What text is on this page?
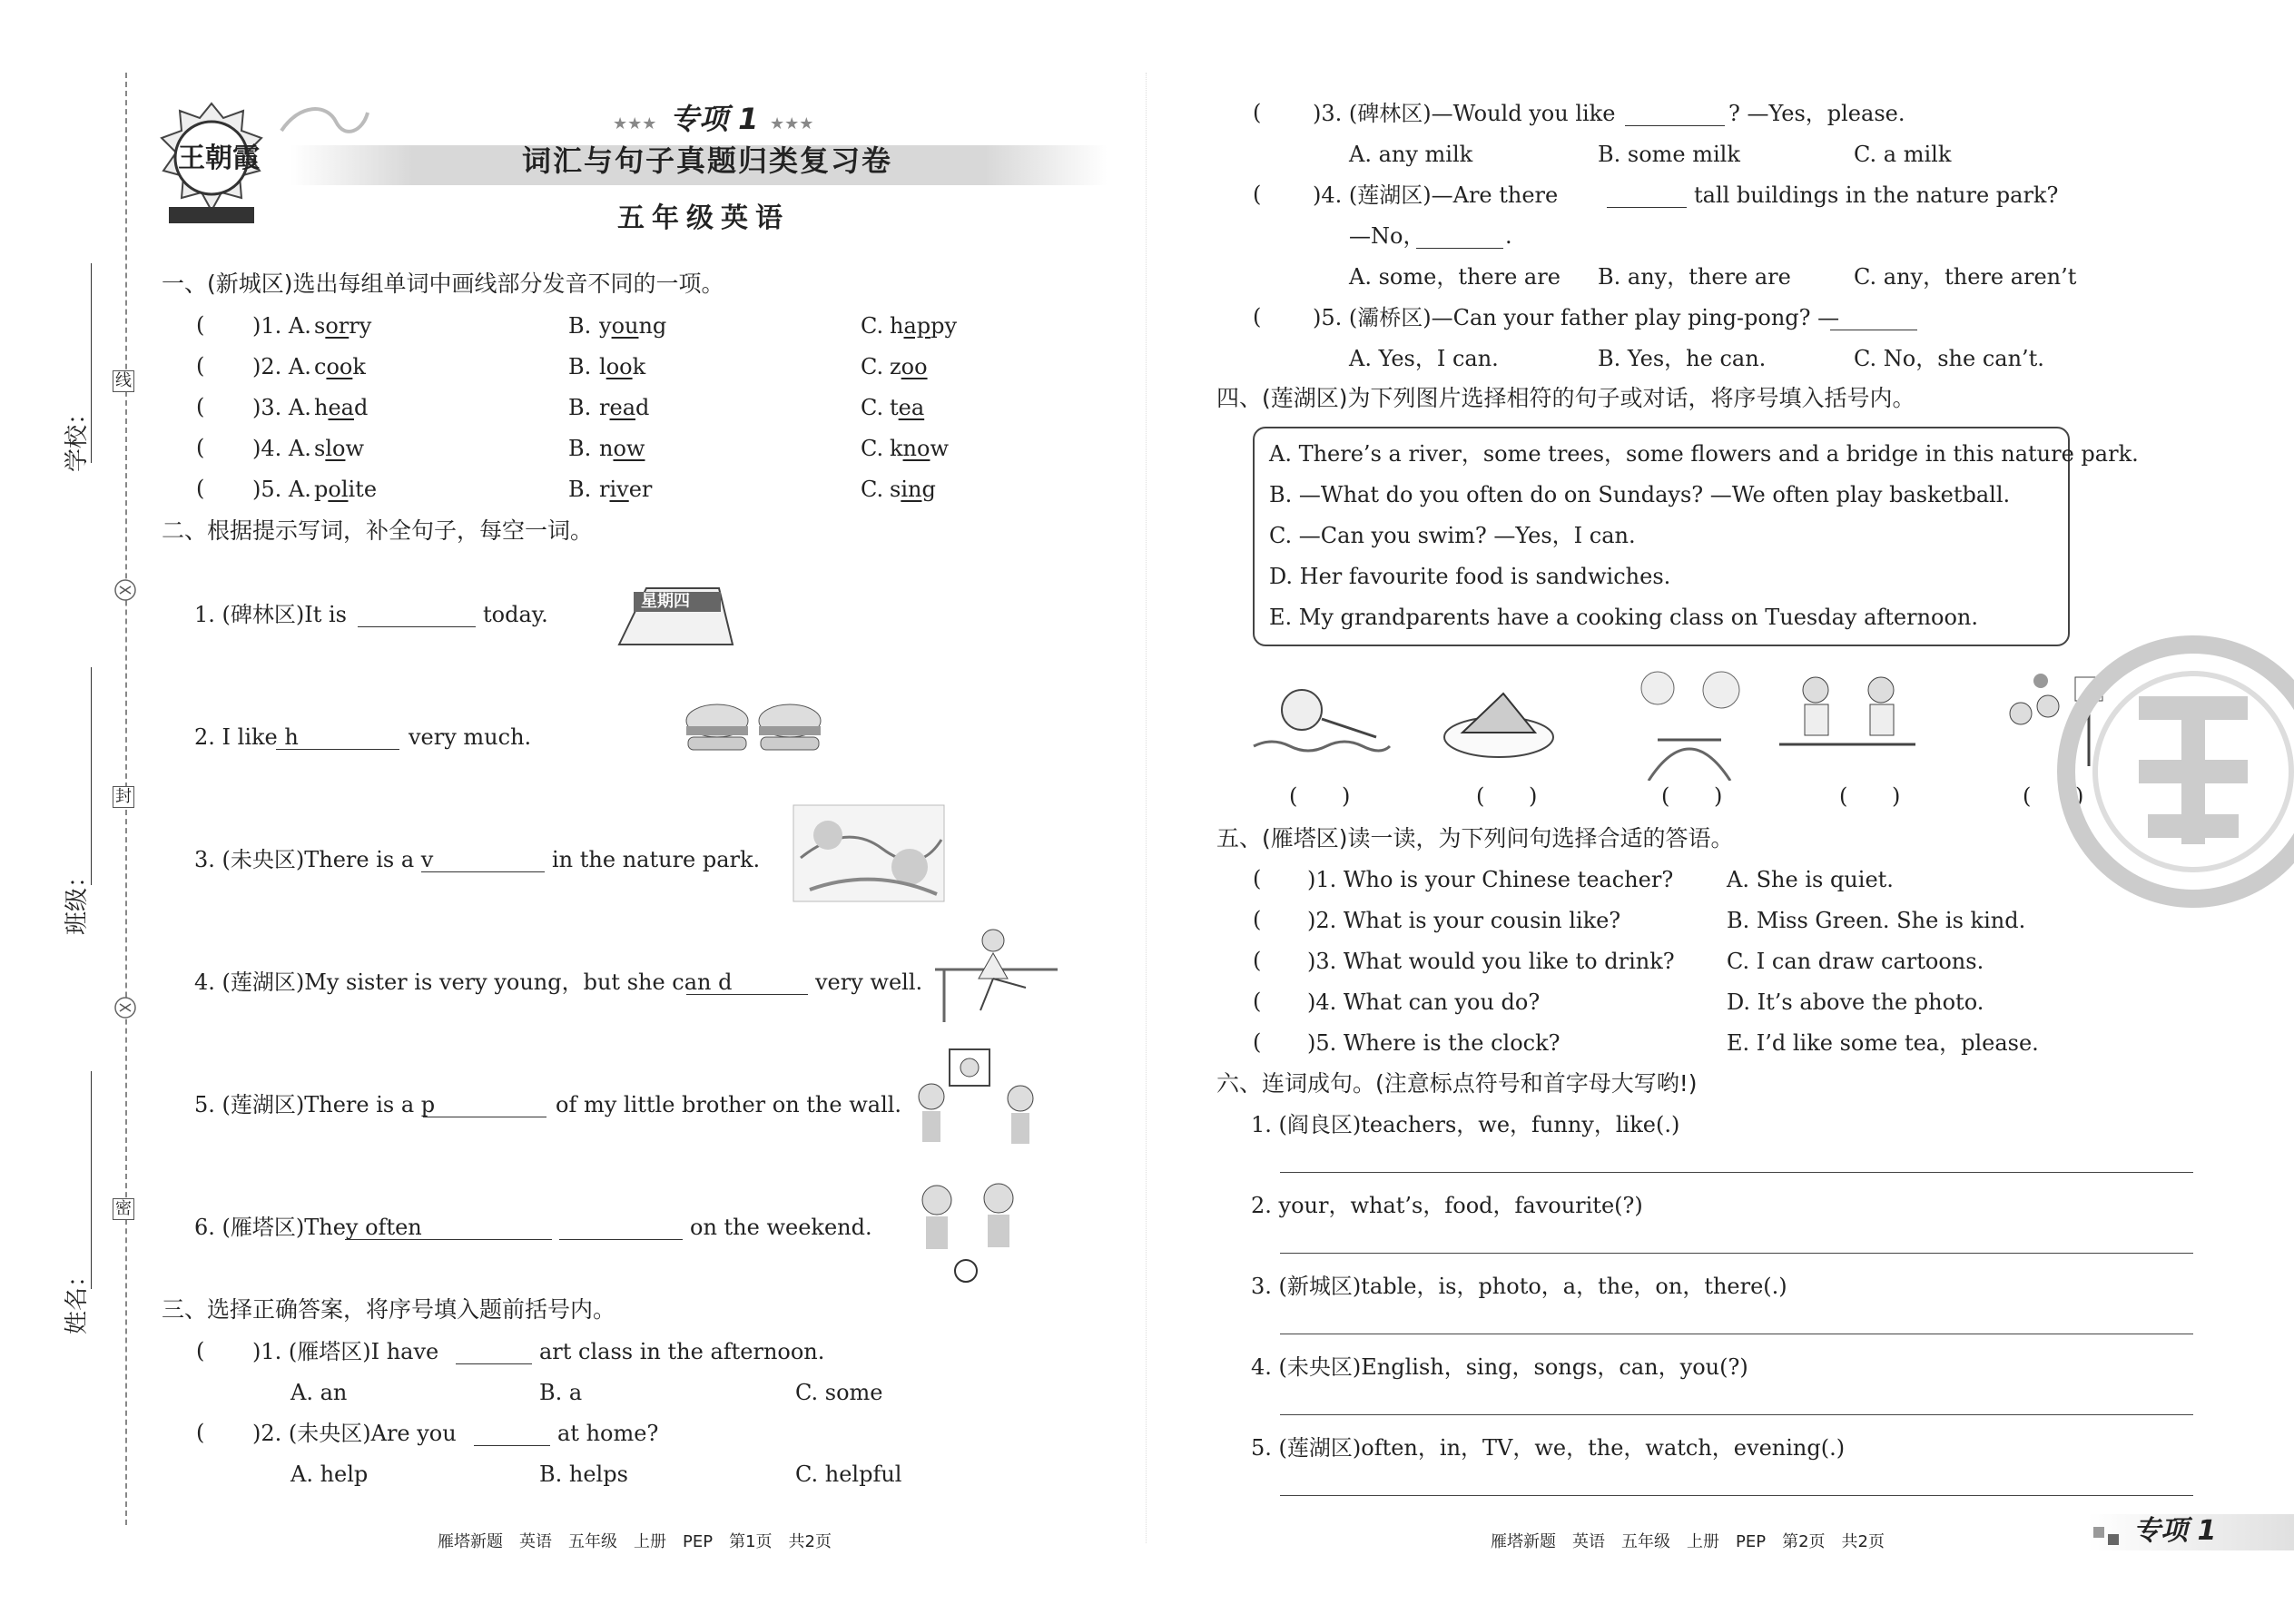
学校：
班级：
姓名：
线
封
密
王朝霞
★★★ 专项 1 ★★★
词汇与句子真题归类复习卷
五年级英语
一、(新城区)选出每组单词中画线部分发音不同的一项。
( )1. A. sorry	B. young	C. happy
( )2. A. cook	B. look	C. zoo
( )3. A. head	B. read	C. tea
( )4. A. slow	B. now	C. know
( )5. A. polite	B. river	C. sing
二、根据提示写词，补全句子，每空一词。
1. (碑林区)It is	today.
星期四
2. I like h	very much.
3. (未央区)There is a v	in the nature park.
4. (莲湖区)My sister is very young，but she can d	very well.
5. (莲湖区)There is a p	of my little brother on the wall.
6. (雁塔区)They often	on the weekend.
三、选择正确答案，将序号填入题前括号内。
( )1. (雁塔区)I have	art class in the afternoon.
A. an	B. a	C. some
( )2. (未央区)Are you	at home?
A. help	B. helps	C. helpful
雁塔新题　英语　五年级　上册　PEP　第1页　共2页
( )3. (碑林区)—Would you like	? —Yes，please.
A. any milk	B. some milk	C. a milk
( )4. (莲湖区)—Are there	tall buildings in the nature park?
—No，	.
A. some，there are B. any，there are	C. any，there aren’t
( )5. (灞桥区)—Can your father play ping-pong? —
A. Yes，I can.	B. Yes，he can.	C. No，she can’t.
四、(莲湖区)为下列图片选择相符的句子或对话，将序号填入括号内。
A. There’s a river，some trees，some flowers and a bridge in this nature park.
B. —What do you often do on Sundays? —We often play basketball.
C. —Can you swim? —Yes，I can.
D. Her favourite food is sandwiches.
E. My grandparents have a cooking class on Tuesday afternoon.
( )	( )	( )	( )	( )
五、(雁塔区)读一读，为下列问句选择合适的答语。
( )1. Who is your Chinese teacher? A. She is quiet.
( )2. What is your cousin like?	B. Miss Green. She is kind.
( )3. What would you like to drink? C. I can draw cartoons.
( )4. What can you do?	D. It’s above the photo.
( )5. Where is the clock?	E. I’d like some tea，please.
六、连词成句。(注意标点符号和首字母大写哟!)
1. (阎良区)teachers，we，funny，like(.)
2. your，what’s，food，favourite(?)
3. (新城区)table，is，photo，a，the，on，there(.)
4. (未央区)English，sing，songs，can，you(?)
5. (莲湖区)often，in，TV，we，the，watch，evening(.)
雁塔新题　英语　五年级　上册　PEP　第2页　共2页	专项 1
